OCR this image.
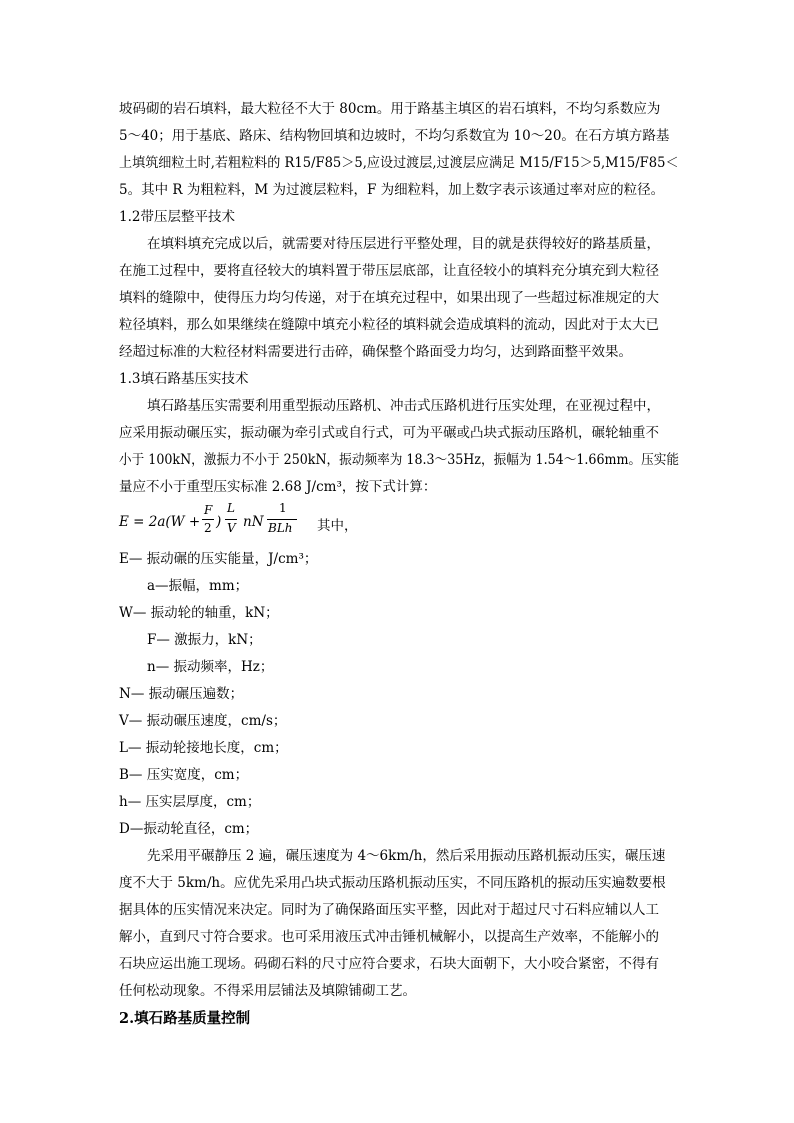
坡码砌的岩石填料，最大粒径不大于 80cm。用于路基主填区的岩石填料，不均匀系数应为
5～40；用于基底、路床、结构物回填和边坡时，不均匀系数宜为 10～20。在石方填方路基
上填筑细粒土时,若粗粒料的 R15/F85＞5,应设过渡层,过渡层应满足 M15/F15＞5,M15/F85＜
5。其中 R 为粗粒料，M 为过渡层粒料，F 为细粒料，加上数字表示该通过率对应的粒径。
1.2带压层整平技术
在填料填充完成以后，就需要对待压层进行平整处理，目的就是获得较好的路基质量，
在施工过程中，要将直径较大的填料置于带压层底部，让直径较小的填料充分填充到大粒径
填料的缝隙中，使得压力均匀传递，对于在填充过程中，如果出现了一些超过标准规定的大
粒径填料，那么如果继续在缝隙中填充小粒径的填料就会造成填料的流动，因此对于太大已
经超过标准的大粒径材料需要进行击碎，确保整个路面受力均匀，达到路面整平效果。
1.3填石路基压实技术
填石路基压实需要利用重型振动压路机、冲击式压路机进行压实处理，在亚视过程中，
应采用振动碾压实，振动碾为牵引式或自行式，可为平碾或凸块式振动压路机，碾轮轴重不
小于 100kN，激振力不小于 250kN，振动频率为 18.3～35Hz，振幅为 1.54～1.66mm。压实能
量应不小于重型压实标准 2.68 J/cm³，按下式计算：
E = 2a(W +
F
2 )
L
V nN
1
BLh 其中，
E— 振动碾的压实能量，J/cm³；
a—振幅，mm；
W— 振动轮的轴重，kN；
F— 激振力，kN；
n— 振动频率，Hz；
N— 振动碾压遍数；
V— 振动碾压速度，cm/s；
L— 振动轮接地长度，cm；
B— 压实宽度，cm；
h— 压实层厚度，cm；
D—振动轮直径，cm；
先采用平碾静压 2 遍，碾压速度为 4～6km/h，然后采用振动压路机振动压实，碾压速
度不大于 5km/h。应优先采用凸块式振动压路机振动压实，不同压路机的振动压实遍数要根
据具体的压实情况来决定。同时为了确保路面压实平整，因此对于超过尺寸石料应辅以人工
解小，直到尺寸符合要求。也可采用液压式冲击锤机械解小，以提高生产效率，不能解小的
石块应运出施工现场。码砌石料的尺寸应符合要求，石块大面朝下，大小咬合紧密，不得有
任何松动现象。不得采用层铺法及填隙铺砌工艺。
2.填石路基质量控制
